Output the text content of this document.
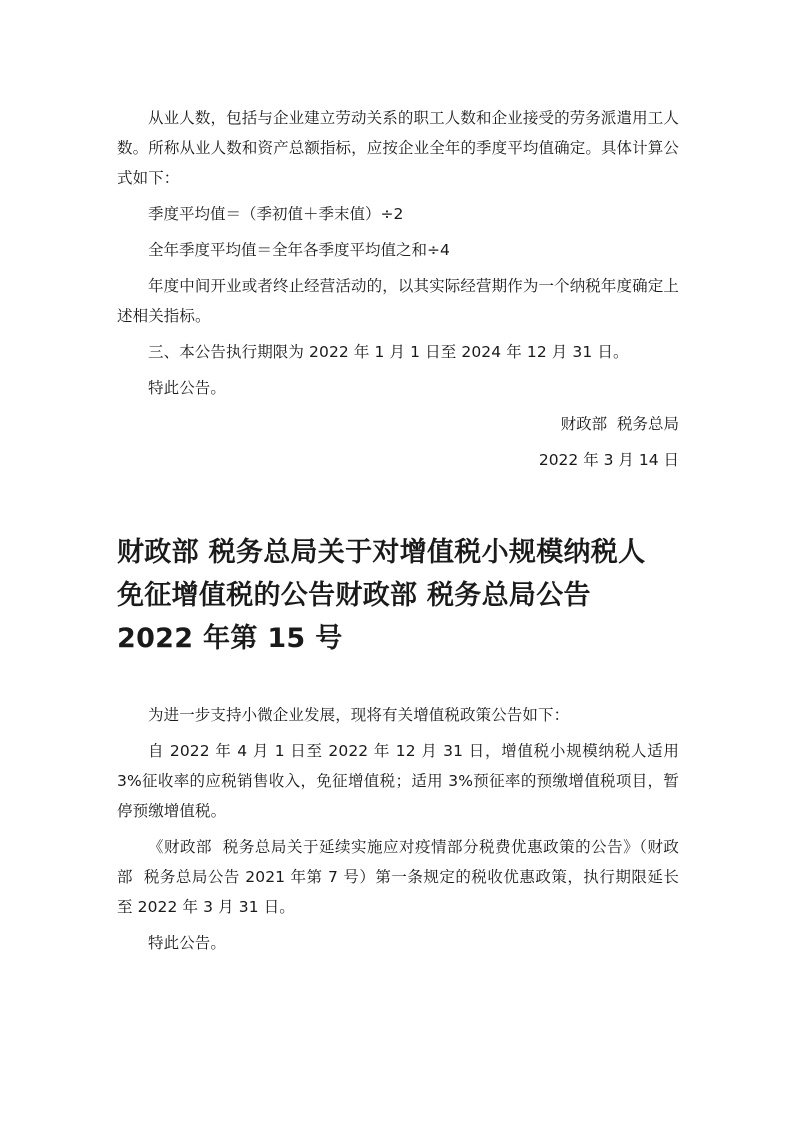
从业人数，包括与企业建立劳动关系的职工人数和企业接受的劳务派遣用工人数。所称从业人数和资产总额指标，应按企业全年的季度平均值确定。具体计算公式如下：

季度平均值＝（季初值＋季末值）÷2

全年季度平均值＝全年各季度平均值之和÷4

年度中间开业或者终止经营活动的，以其实际经营期作为一个纳税年度确定上述相关指标。

三、本公告执行期限为 2022 年 1 月 1 日至 2024 年 12 月 31 日。

特此公告。

财政部  税务总局

2022 年 3 月 14 日

财政部 税务总局关于对增值税小规模纳税人
免征增值税的公告财政部 税务总局公告
2022 年第 15 号

为进一步支持小微企业发展，现将有关增值税政策公告如下：

自 2022 年 4 月 1 日至 2022 年 12 月 31 日，增值税小规模纳税人适用 3%征收率的应税销售收入，免征增值税；适用 3%预征率的预缴增值税项目，暂停预缴增值税。

《财政部  税务总局关于延续实施应对疫情部分税费优惠政策的公告》（财政部  税务总局公告 2021 年第 7 号）第一条规定的税收优惠政策，执行期限延长至 2022 年 3 月 31 日。

特此公告。
